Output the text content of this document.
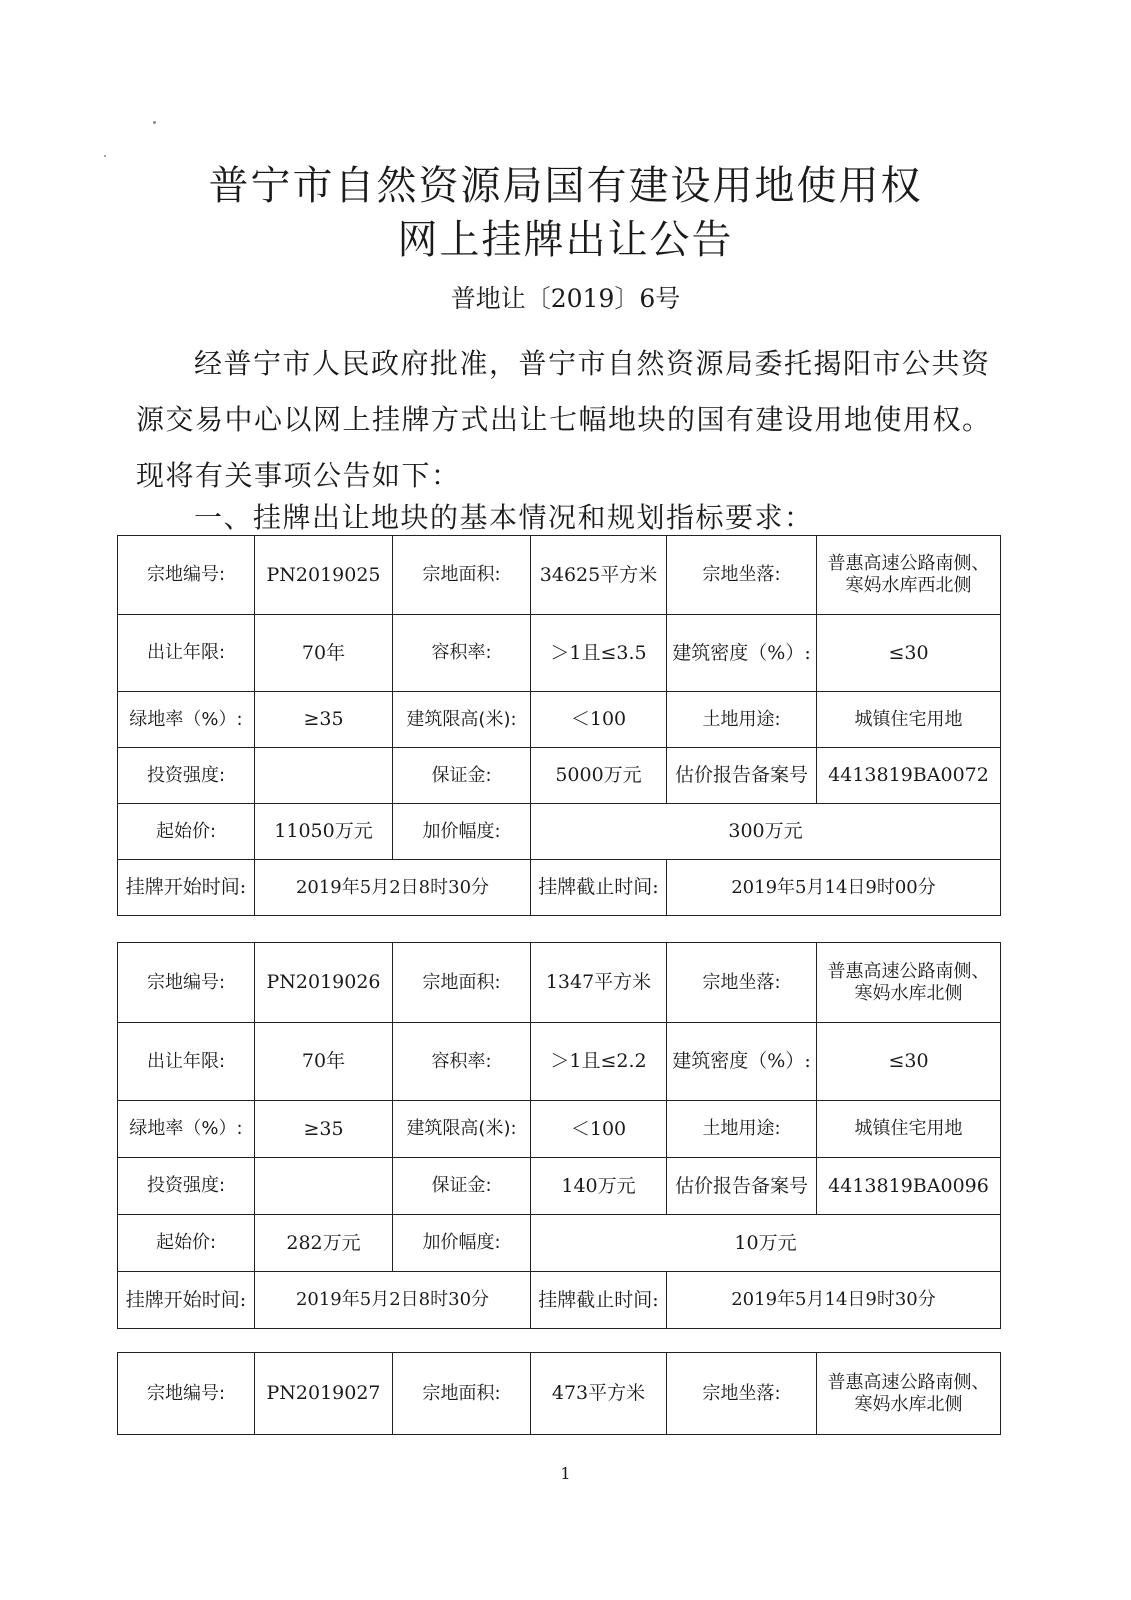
普宁市自然资源局国有建设用地使用权
网上挂牌出让公告
普地让〔2019〕6号
经普宁市人民政府批准，普宁市自然资源局委托揭阳市公共资源交易中心以网上挂牌方式出让七幅地块的国有建设用地使用权。现将有关事项公告如下：
一、挂牌出让地块的基本情况和规划指标要求：
宗地编号:	PN2019025	宗地面积:	34625平方米	宗地坐落:	普惠高速公路南侧、寒妈水库西北侧
出让年限:	70年	容积率:	＞1且≤3.5	建筑密度（%）:	≤30
绿地率（%）:	≥35	建筑限高(米):	＜100	土地用途:	城镇住宅用地
投资强度:		保证金:	5000万元	估价报告备案号	4413819BA0072
起始价:	11050万元	加价幅度:	300万元		
挂牌开始时间:	2019年5月2日8时30分		挂牌截止时间:	2019年5月14日9时00分	
宗地编号:	PN2019026	宗地面积:	1347平方米	宗地坐落:	普惠高速公路南侧、寒妈水库北侧
出让年限:	70年	容积率:	＞1且≤2.2	建筑密度（%）:	≤30
绿地率（%）:	≥35	建筑限高(米):	＜100	土地用途:	城镇住宅用地
投资强度:		保证金:	140万元	估价报告备案号	4413819BA0096
起始价:	282万元	加价幅度:	10万元		
挂牌开始时间:	2019年5月2日8时30分		挂牌截止时间:	2019年5月14日9时30分	
宗地编号:	PN2019027	宗地面积:	473平方米	宗地坐落:	普惠高速公路南侧、寒妈水库北侧
1
